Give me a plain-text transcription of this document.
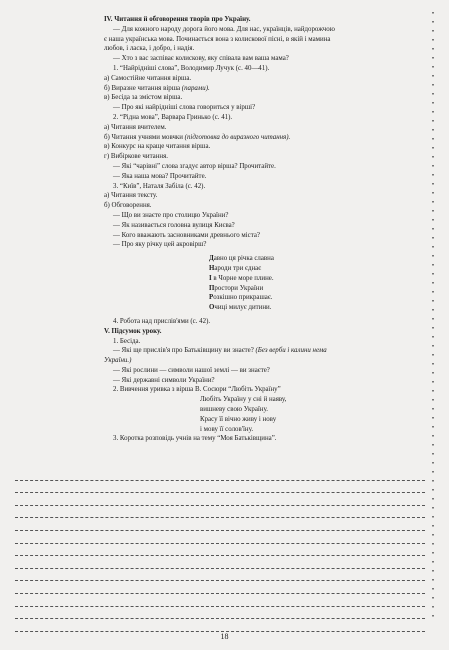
IV. Читання й обговорення творів про Україну.
— Для кожного народу дорога його мова. Для нас, українців, найдорожчою
є наша українська мова. Починається вона з колискової пісні, в якій і мамина
любов, і ласка, і добро, і надія.
— Хто з вас заспіває колискову, яку співала вам ваша мама?
1. “Найрідніші слова”, Володимир Лучук (с. 40—41).
а) Самостійне читання вірша.
б) Виразне читання вірша (парами).
в) Бесіда за змістом вірша.
— Про які найрідніші слова говориться у вірші?
2. “Рідна мова”, Варвара Гринько (с. 41).
а) Читання вчителем.
б) Читання учнями мовчки (підготовка до виразного читання).
в) Конкурс на краще читання вірша.
г) Вибіркове читання.
— Які “чарівні” слова згадує автор вірша? Прочитайте.
— Яка наша мова? Прочитайте.
3. “Київ”, Наталя Забіла (с. 42).
а) Читання тексту.
б) Обговорення.
— Що ви знаєте про столицю України?
— Як називається головна вулиця Києва?
— Кого вважають засновниками древнього міста?
— Про яку річку цей акровірш?
Давно ця річка славна
Народи три єднає
І в Чорне море плине.
Простори України
Розкішно прикрашає.
Очиці милує дитини.
4. Робота над прислів'ями (с. 42).
V. Підсумок уроку.
1. Бесіда.
— Які ще прислів'я про Батьківщину ви знаєте? (Без верби і калини нема
України.)
— Які рослини — символи нашої землі — ви знаєте?
— Які державні символи України?
2. Вивчення уривка з вірша В. Сосюри “Любіть Україну”
Любіть Україну у сні й наяву,
вишневу свою Україну.
Красу її вічно живу і нову
і мову її солов'їну.
3. Коротка розповідь учнів на тему “Моя Батьківщина”.
18
